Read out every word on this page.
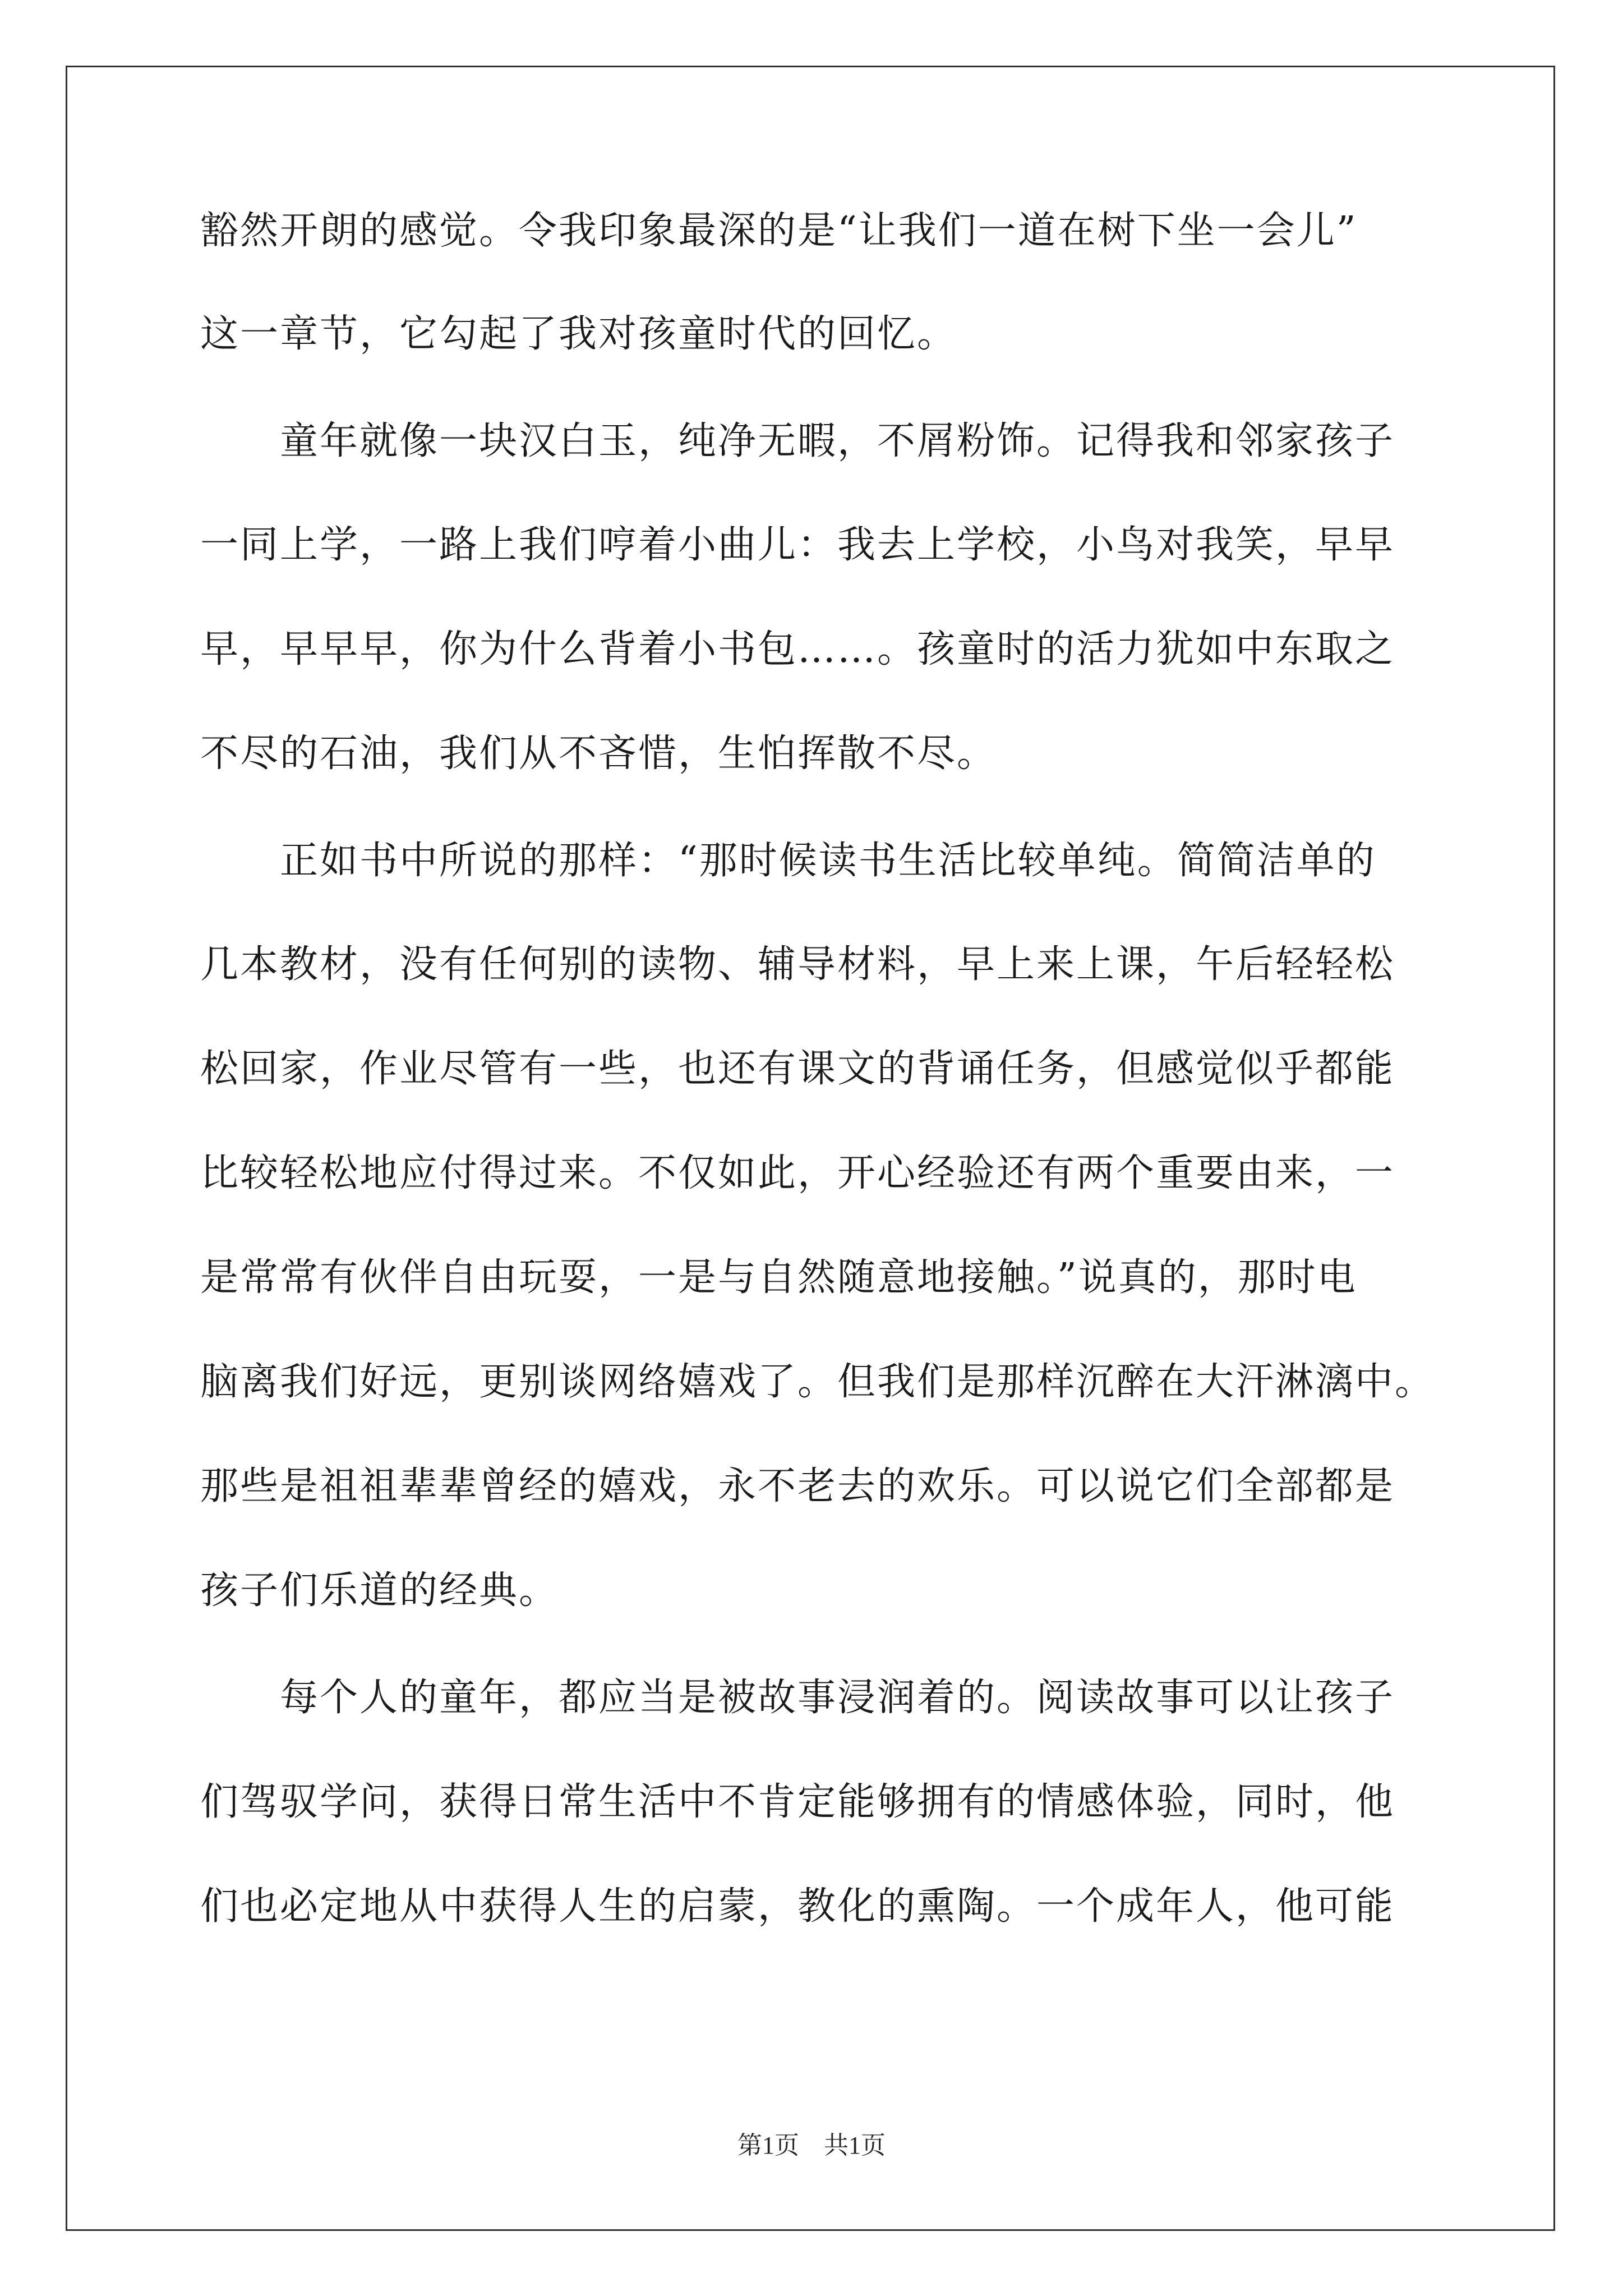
豁然开朗的感觉。令我印象最深的是“让我们一道在树下坐一会儿”
这一章节，它勾起了我对孩童时代的回忆。
　　童年就像一块汉白玉，纯净无暇，不屑粉饰。记得我和邻家孩子
一同上学，一路上我们哼着小曲儿：我去上学校，小鸟对我笑，早早
早，早早早，你为什么背着小书包……。孩童时的活力犹如中东取之
不尽的石油，我们从不吝惜，生怕挥散不尽。
　　正如书中所说的那样：“那时候读书生活比较单纯。简简洁单的
几本教材，没有任何别的读物、辅导材料，早上来上课，午后轻轻松
松回家，作业尽管有一些，也还有课文的背诵任务，但感觉似乎都能
比较轻松地应付得过来。不仅如此，开心经验还有两个重要由来，一
是常常有伙伴自由玩耍，一是与自然随意地接触。”说真的，那时电
脑离我们好远，更别谈网络嬉戏了。但我们是那样沉醉在大汗淋漓中。
那些是祖祖辈辈曾经的嬉戏，永不老去的欢乐。可以说它们全部都是
孩子们乐道的经典。
　　每个人的童年，都应当是被故事浸润着的。阅读故事可以让孩子
们驾驭学问，获得日常生活中不肯定能够拥有的情感体验，同时，他
们也必定地从中获得人生的启蒙，教化的熏陶。一个成年人，他可能
第1页　共1页
